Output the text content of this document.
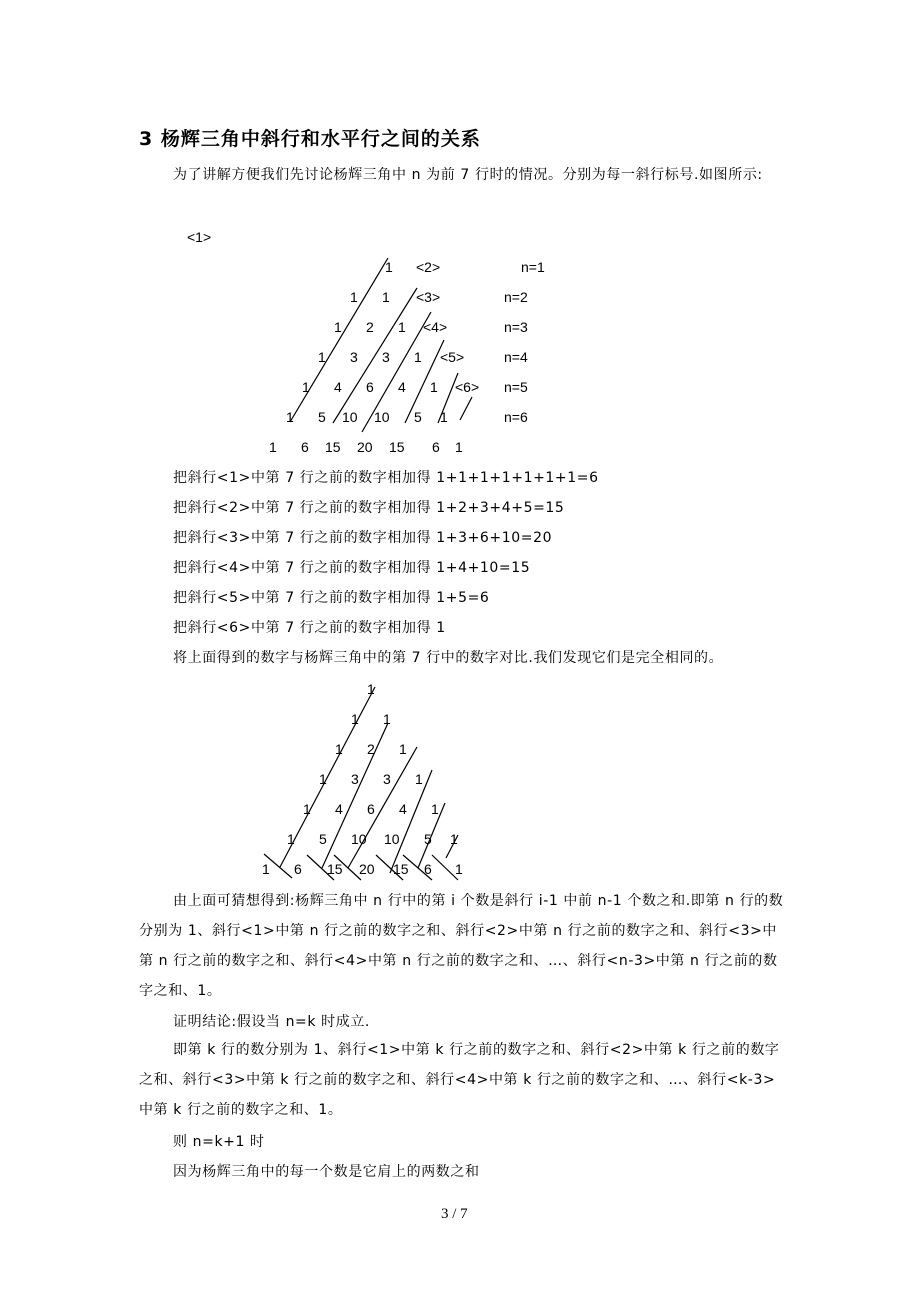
3 杨辉三角中斜行和水平行之间的关系
为了讲解方便我们先讨论杨辉三角中 n 为前 7 行时的情况。分别为每一斜行标号.如图所示:
<1>
<2>
<3>
<4>
<5>
<6>
1	n=1
1 1	n=2
1 2 1	n=3
1 3 3 1	n=4
1 4 6 4 1	n=5
1 5 10 10 5 1	n=6
1 6 15 20 15 6 1
把斜行<1>中第 7 行之前的数字相加得 1+1+1+1+1+1+1=6
把斜行<2>中第 7 行之前的数字相加得 1+2+3+4+5=15
把斜行<3>中第 7 行之前的数字相加得 1+3+6+10=20
把斜行<4>中第 7 行之前的数字相加得 1+4+10=15
把斜行<5>中第 7 行之前的数字相加得 1+5=6
把斜行<6>中第 7 行之前的数字相加得 1
将上面得到的数字与杨辉三角中的第 7 行中的数字对比.我们发现它们是完全相同的。
1
1 1
1 2 1
1 3 3 1
1 4 6 4 1
1 5 10 10 5 1
1 6 15 20 15 6 1
由上面可猜想得到:杨辉三角中 n 行中的第 i 个数是斜行 i-1 中前 n-1 个数之和.即第 n 行的数分别为 1、斜行<1>中第 n 行之前的数字之和、斜行<2>中第 n 行之前的数字之和、斜行<3>中第 n 行之前的数字之和、斜行<4>中第 n 行之前的数字之和、…、斜行<n-3>中第 n 行之前的数字之和、1。
证明结论:假设当 n=k 时成立.
即第 k 行的数分别为 1、斜行<1>中第 k 行之前的数字之和、斜行<2>中第 k 行之前的数字之和、斜行<3>中第 k 行之前的数字之和、斜行<4>中第 k 行之前的数字之和、…、斜行<k-3>中第 k 行之前的数字之和、1。
则 n=k+1 时
因为杨辉三角中的每一个数是它肩上的两数之和
3 / 7
